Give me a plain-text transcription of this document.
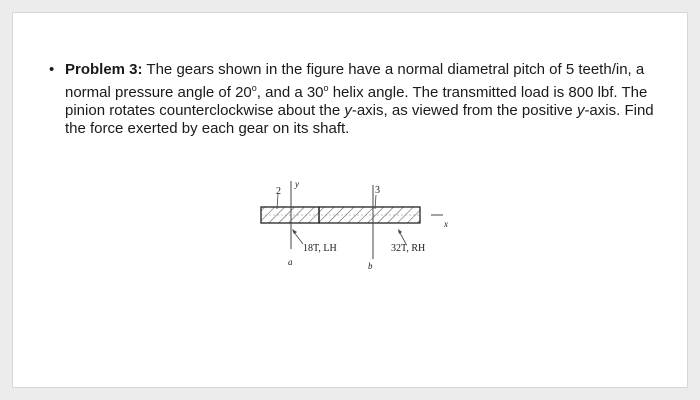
• Problem 3: The gears shown in the figure have a normal diametral pitch of 5 teeth/in, a normal pressure angle of 20$^o$, and a 30$^o$ helix angle. The transmitted load is 800 lbf. The pinion rotates counterclockwise about the y-axis, as viewed from the positive y-axis. Find the force exerted by each gear on its shaft.
2	3
y
x
18T, LH	32T, RH
a	b
